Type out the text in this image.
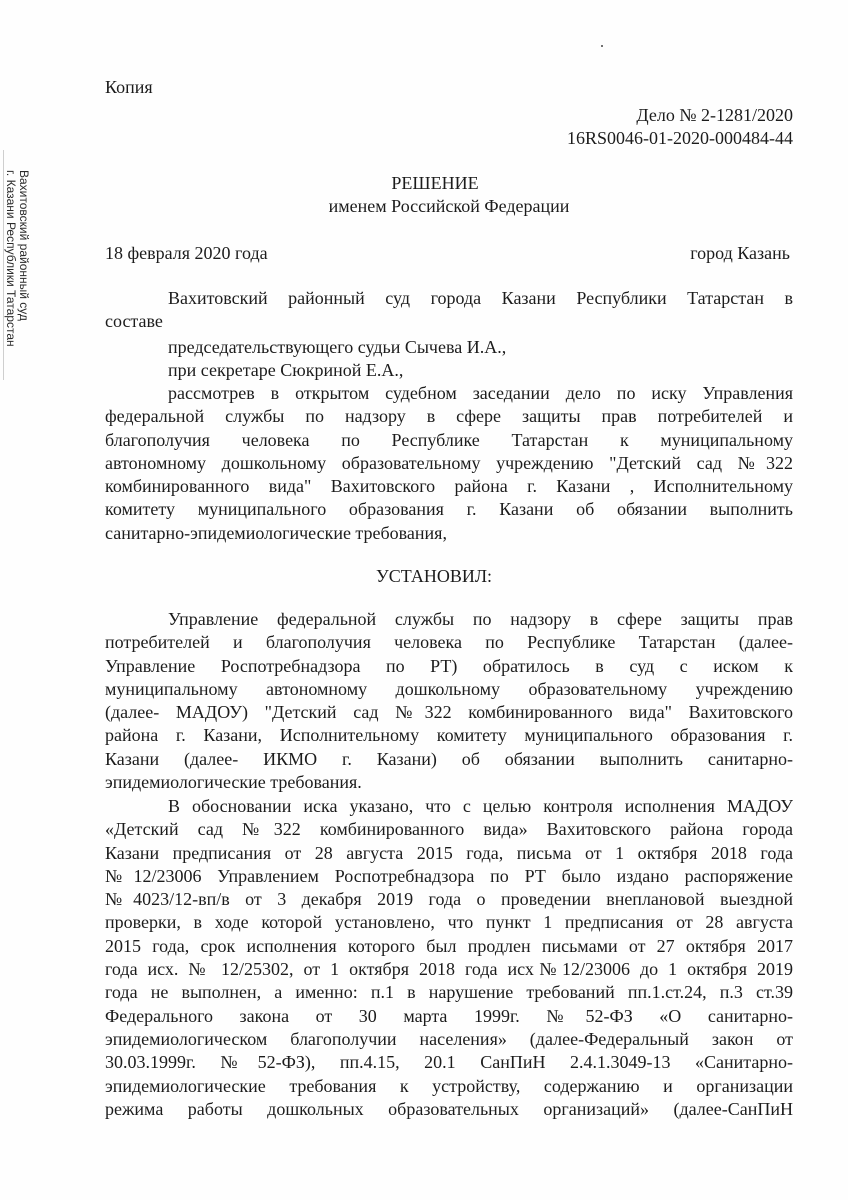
Вахитовский районный суд
г. Казани Республики Татарстан
Копия
Дело № 2-1281/2020
16RS0046-01-2020-000484-44
РЕШЕНИЕ
именем Российской Федерации
18 февраля 2020 года	город Казань
Вахитовский районный суд города Казани Республики Татарстан в
составе
председательствующего судьи Сычева И.А.,
при секретаре Сюкриной Е.А.,
рассмотрев в открытом судебном заседании дело по иску Управления
федеральной службы по надзору в сфере защиты прав потребителей и
благополучия человека по Республике Татарстан к муниципальному
автономному дошкольному образовательному учреждению "Детский сад №322
комбинированного вида" Вахитовского района г. Казани , Исполнительному
комитету муниципального образования г. Казани об обязании выполнить
санитарно-эпидемиологические требования,
УСТАНОВИЛ:
Управление федеральной службы по надзору в сфере защиты прав
потребителей и благополучия человека по Республике Татарстан (далее-
Управление Роспотребнадзора по РТ) обратилось в суд с иском к
муниципальному автономному дошкольному образовательному учреждению
(далее- МАДОУ) "Детский сад №322 комбинированного вида" Вахитовского
района г. Казани, Исполнительному комитету муниципального образования г.
Казани (далее- ИКМО г. Казани) об обязании выполнить санитарно-
эпидемиологические требования.
В обосновании иска указано, что с целью контроля исполнения МАДОУ
«Детский сад №322 комбинированного вида» Вахитовского района города
Казани предписания от 28 августа 2015 года, письма от 1 октября 2018 года
№12/23006 Управлением Роспотребнадзора по РТ было издано распоряжение
№4023/12-вп/в от 3 декабря 2019 года о проведении внеплановой выездной
проверки, в ходе которой установлено, что пункт 1 предписания от 28 августа
2015 года, срок исполнения которого был продлен письмами от 27 октября 2017
года исх. № 12/25302, от 1 октября 2018 года исх№12/23006 до 1 октября 2019
года не выполнен, а именно: п.1 в нарушение требований пп.1.ст.24, п.3 ст.39
Федерального закона от 30 марта 1999г. №52-ФЗ «О санитарно-
эпидемиологическом благополучии населения» (далее-Федеральный закон от
30.03.1999г. №52-ФЗ), пп.4.15, 20.1 СанПиН 2.4.1.3049-13 «Санитарно-
эпидемиологические требования к устройству, содержанию и организации
режима работы дошкольных образовательных организаций» (далее-СанПиН
